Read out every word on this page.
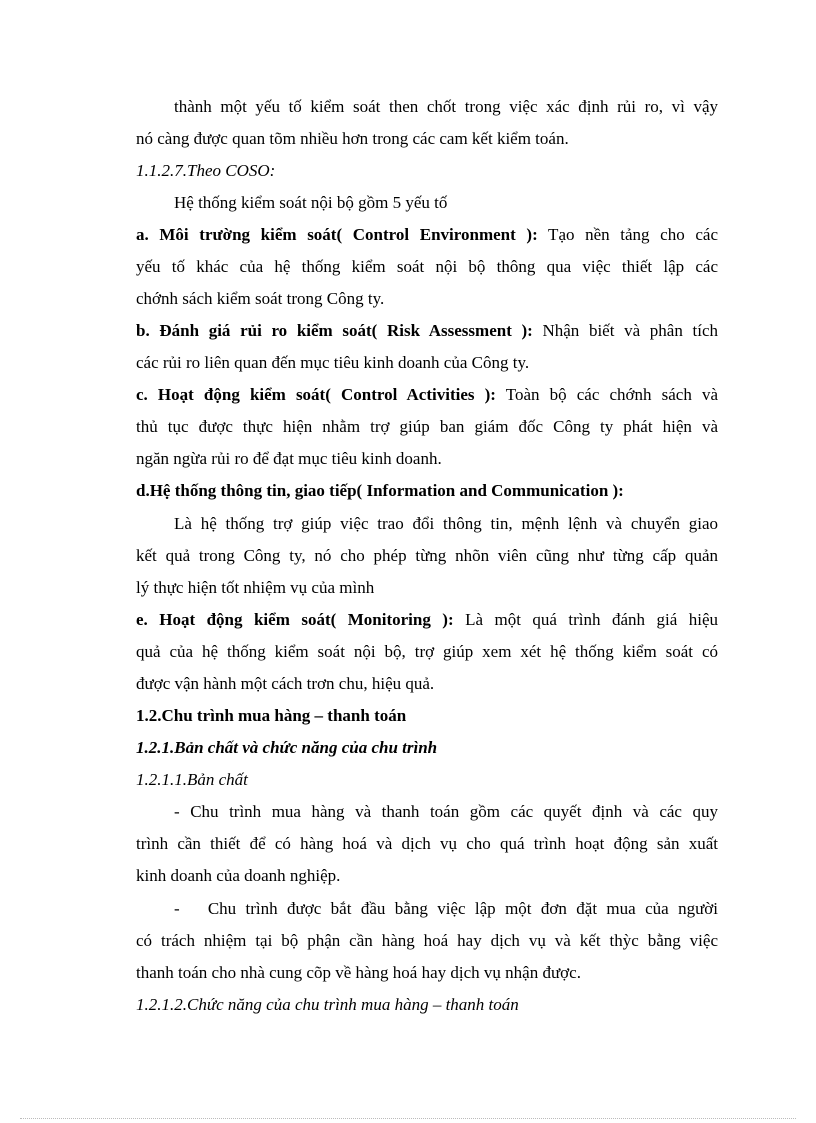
thành một yếu tố kiểm soát then chốt trong việc xác định rủi ro, vì vậy
nó càng được quan tõm nhiều hơn trong các cam kết kiểm toán.
1.1.2.7.Theo COSO:
Hệ thống kiểm soát nội bộ gồm 5 yếu tố
a. Môi trường kiểm soát( Control Environment ): Tạo nền tảng cho các
yếu tố khác của hệ thống kiểm soát nội bộ thông qua việc thiết lập các
chớnh sách kiểm soát trong Công ty.
b. Đánh giá rủi ro kiểm soát( Risk Assessment ): Nhận biết và phân tích
các rủi ro liên quan đến mục tiêu kinh doanh của Công ty.
c. Hoạt động kiểm soát( Control Activities ): Toàn bộ các chớnh sách và
thủ tục được thực hiện nhằm trợ giúp ban giám đốc Công ty phát hiện và
ngăn ngừa rủi ro để đạt mục tiêu kinh doanh.
d.Hệ thống thông tin, giao tiếp( Information and Communication ):
Là hệ thống trợ giúp việc trao đổi thông tin, mệnh lệnh và chuyển giao
kết quả trong Công ty, nó cho phép từng nhõn viên cũng như từng cấp quản
lý thực hiện tốt nhiệm vụ của mình
e. Hoạt động kiểm soát( Monitoring ): Là một quá trình đánh giá hiệu
quả của hệ thống kiểm soát nội bộ, trợ giúp xem xét hệ thống kiểm soát có
được vận hành một cách trơn chu, hiệu quả.
1.2.Chu trình mua hàng – thanh toán
1.2.1.Bản chất và chức năng của chu trình
1.2.1.1.Bản chất
- Chu trình mua hàng và thanh toán gồm các quyết định và các quy
trình cần thiết để có hàng hoá và dịch vụ cho quá trình hoạt động sản xuất
kinh doanh của doanh nghiệp.
-   Chu trình được bắt đầu bằng việc lập một đơn đặt mua của người
có trách nhiệm tại bộ phận cần hàng hoá hay dịch vụ và kết thỳc bằng việc
thanh toán cho nhà cung cõp về hàng hoá hay dịch vụ nhận được.
1.2.1.2.Chức năng của chu trình mua hàng – thanh toán
